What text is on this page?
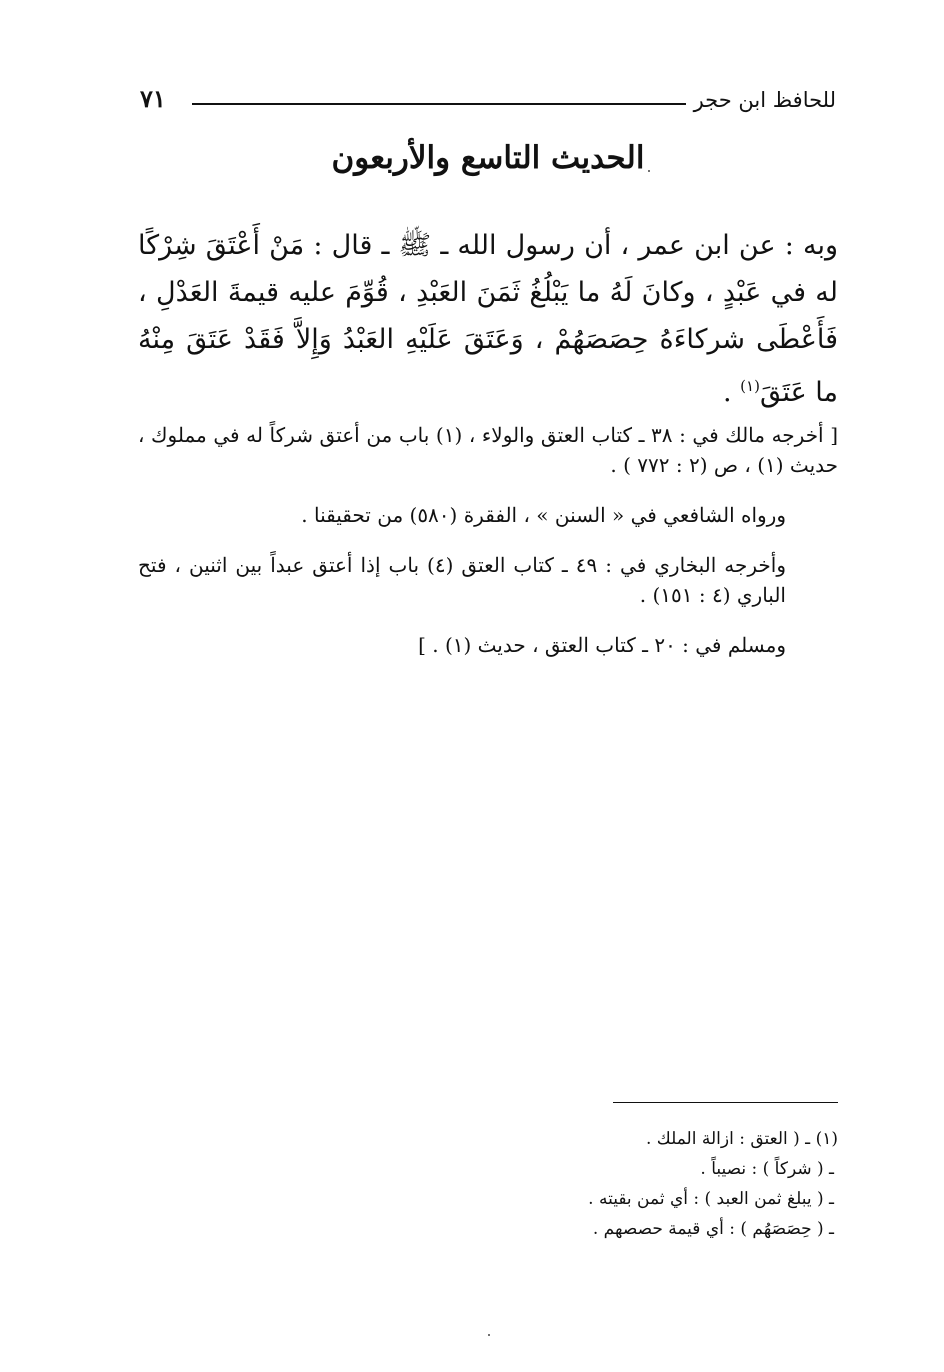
للحافظ ابن حجر
٧١
الحديث التاسع والأربعون
وبه : عن ابن عمر ، أن رسول الله ـ ﷺ ـ قال : مَنْ أَعْتَقَ شِرْكًا له في عَبْدٍ ، وكانَ لَهُ ما يَبْلُغُ ثَمَنَ العَبْدِ ، قُوِّمَ عليه قيمةَ العَدْلِ ، فَأَعْطَى شركاءَهُ حِصَصَهُمْ ، وَعَتَقَ عَلَيْهِ العَبْدُ وَإِلاَّ فَقَدْ عَتَقَ مِنْهُ ما عَتَقَ$^{(١)}$ .

[ أخرجه مالك في : ٣٨ ـ كتاب العتق والولاء ، (١) باب من أعتق شركاً له في مملوك ، حديث (١) ، ص (٢ : ٧٧٢ ) .

ورواه الشافعي في « السنن » ، الفقرة (٥٨٠) من تحقيقنا .

وأخرجه البخاري في : ٤٩ ـ كتاب العتق (٤) باب إذا أعتق عبداً بين اثنين ، فتح الباري (٤ : ١٥١) .

ومسلم في : ٢٠ ـ كتاب العتق ، حديث (١) . ]

(١) ـ ( العتق : ازالة الملك .
ـ ( شركاً ) : نصيباً .
ـ ( يبلغ ثمن العبد ) : أي ثمن بقيته .
ـ ( حِصَصَهُم ) : أي قيمة حصصهم .
